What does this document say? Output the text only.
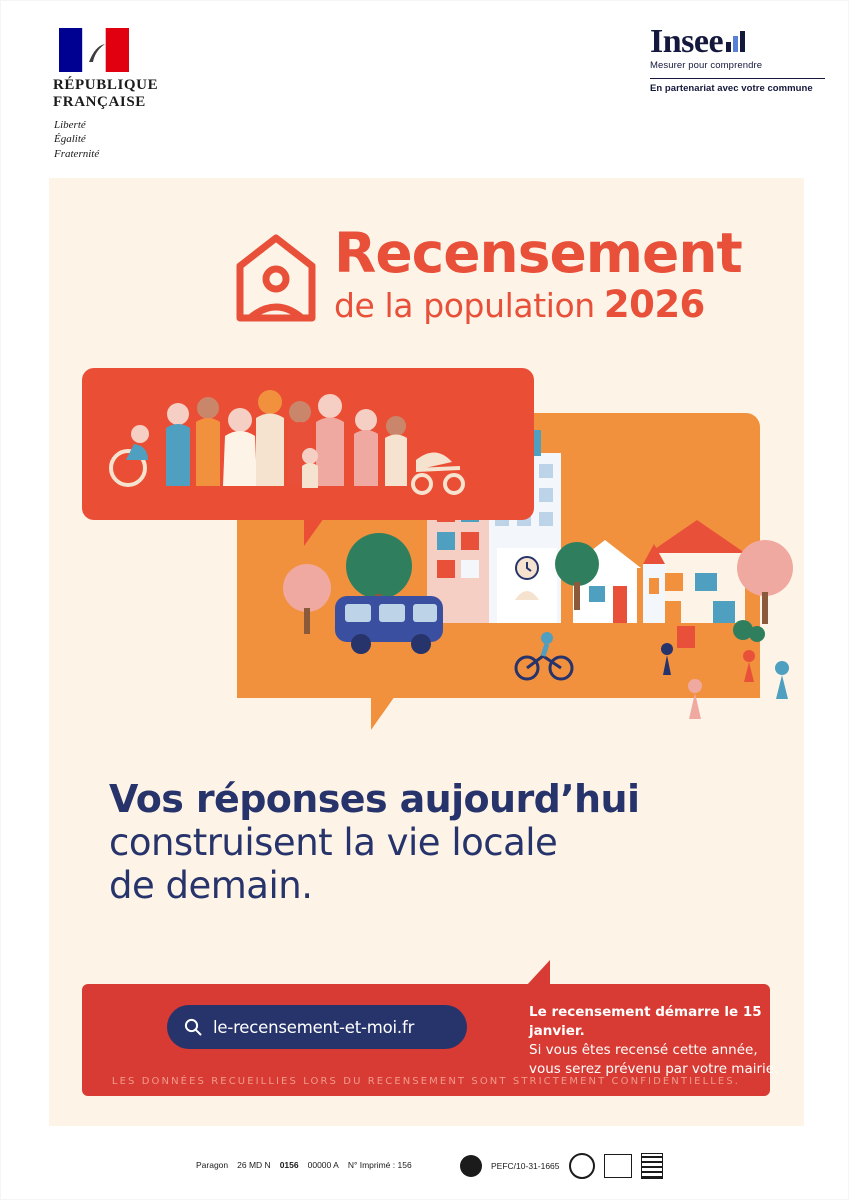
RÉPUBLIQUE
FRANÇAISE
Liberté
Égalité
Fraternité
Insee
Mesurer pour comprendre
En partenariat avec votre commune
Recensement
de la population 2026
Vos réponses aujourd’hui
construisent la vie locale
de demain.
le-recensement-et-moi.fr
Le recensement démarre le 15 janvier.
Si vous êtes recensé cette année,
vous serez prévenu par votre mairie.
LES DONNÉES RECUEILLIES LORS DU RECENSEMENT SONT STRICTEMENT CONFIDENTIELLES.
Paragon 26 MD N 0156 00000 A N° Imprimé : 156	PEFC/10-31-1665
